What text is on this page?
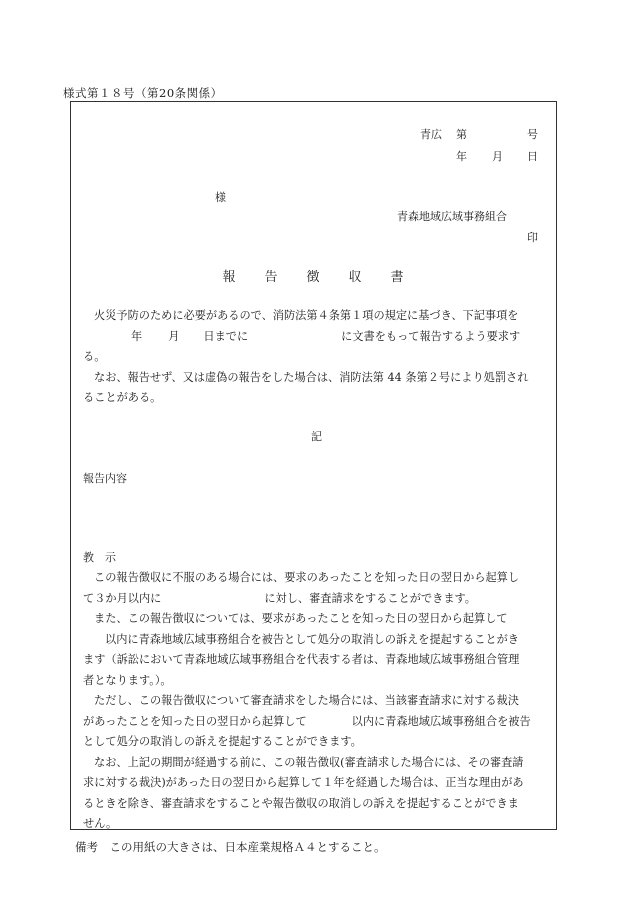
様式第１８号（第20条関係）
青広 第	号
年 月 日
様
青森地域広域事務組合
印
報 告 徴 収 書
火災予防のために必要があるので、消防法第４条第１項の規定に基づき、下記事項を
年 月 日までに	に文書をもって報告するよう要求す
る。
なお、報告せず、又は虚偽の報告をした場合は、消防法第 44 条第２号により処罰され
ることがある。
記
報告内容
教　示
この報告徴収に不服のある場合には、要求のあったことを知った日の翌日から起算し
て３か月以内に	に対し、審査請求をすることができます。
また、この報告徴収については、要求があったことを知った日の翌日から起算して
以内に青森地域広域事務組合を被告として処分の取消しの訴えを提起することがき
ます（訴訟において青森地域広域事務組合を代表する者は、青森地域広域事務組合管理
者となります。）。
ただし、この報告徴収について審査請求をした場合には、当該審査請求に対する裁決
があったことを知った日の翌日から起算して	以内に青森地域広域事務組合を被告
として処分の取消しの訴えを提起することができます。
なお、上記の期間が経過する前に、この報告徴収(審査請求した場合には、その審査請
求に対する裁決)があった日の翌日から起算して１年を経過した場合は、正当な理由があ
るときを除き、審査請求をすることや報告徴収の取消しの訴えを提起することができま
せん。
備考　この用紙の大きさは、日本産業規格Ａ４とすること。
